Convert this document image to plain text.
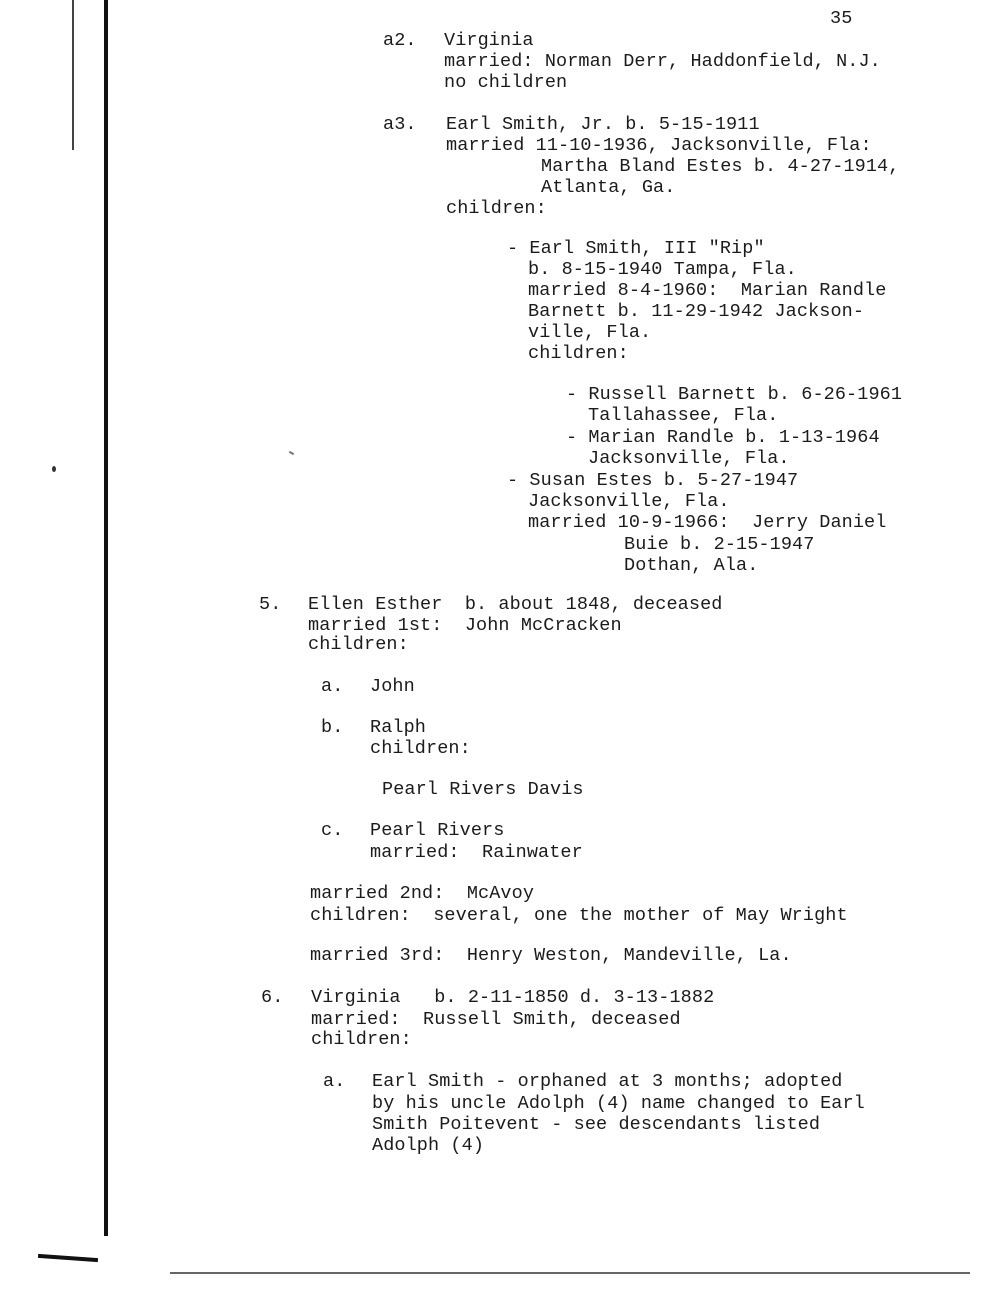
35
a2. Virginia
married: Norman Derr, Haddonfield, N.J.
no children
a3. Earl Smith, Jr. b. 5-15-1911
married 11-10-1936, Jacksonville, Fla:
Martha Bland Estes b. 4-27-1914,
Atlanta, Ga.
children:
- Earl Smith, III "Rip"
b. 8-15-1940 Tampa, Fla.
married 8-4-1960:  Marian Randle
Barnett b. 11-29-1942 Jackson-
ville, Fla.
children:
- Russell Barnett b. 6-26-1961
Tallahassee, Fla.
- Marian Randle b. 1-13-1964
Jacksonville, Fla.
- Susan Estes b. 5-27-1947
Jacksonville, Fla.
married 10-9-1966:  Jerry Daniel
Buie b. 2-15-1947
Dothan, Ala.
5. Ellen Esther  b. about 1848, deceased
married 1st:  John McCracken
children:
a. John
b. Ralph
children:
Pearl Rivers Davis
c. Pearl Rivers
married:  Rainwater
married 2nd:  McAvoy
children:  several, one the mother of May Wright
married 3rd:  Henry Weston, Mandeville, La.
6. Virginia   b. 2-11-1850 d. 3-13-1882
married:  Russell Smith, deceased
children:
a. Earl Smith - orphaned at 3 months; adopted
by his uncle Adolph (4) name changed to Earl
Smith Poitevent - see descendants listed
Adolph (4)
